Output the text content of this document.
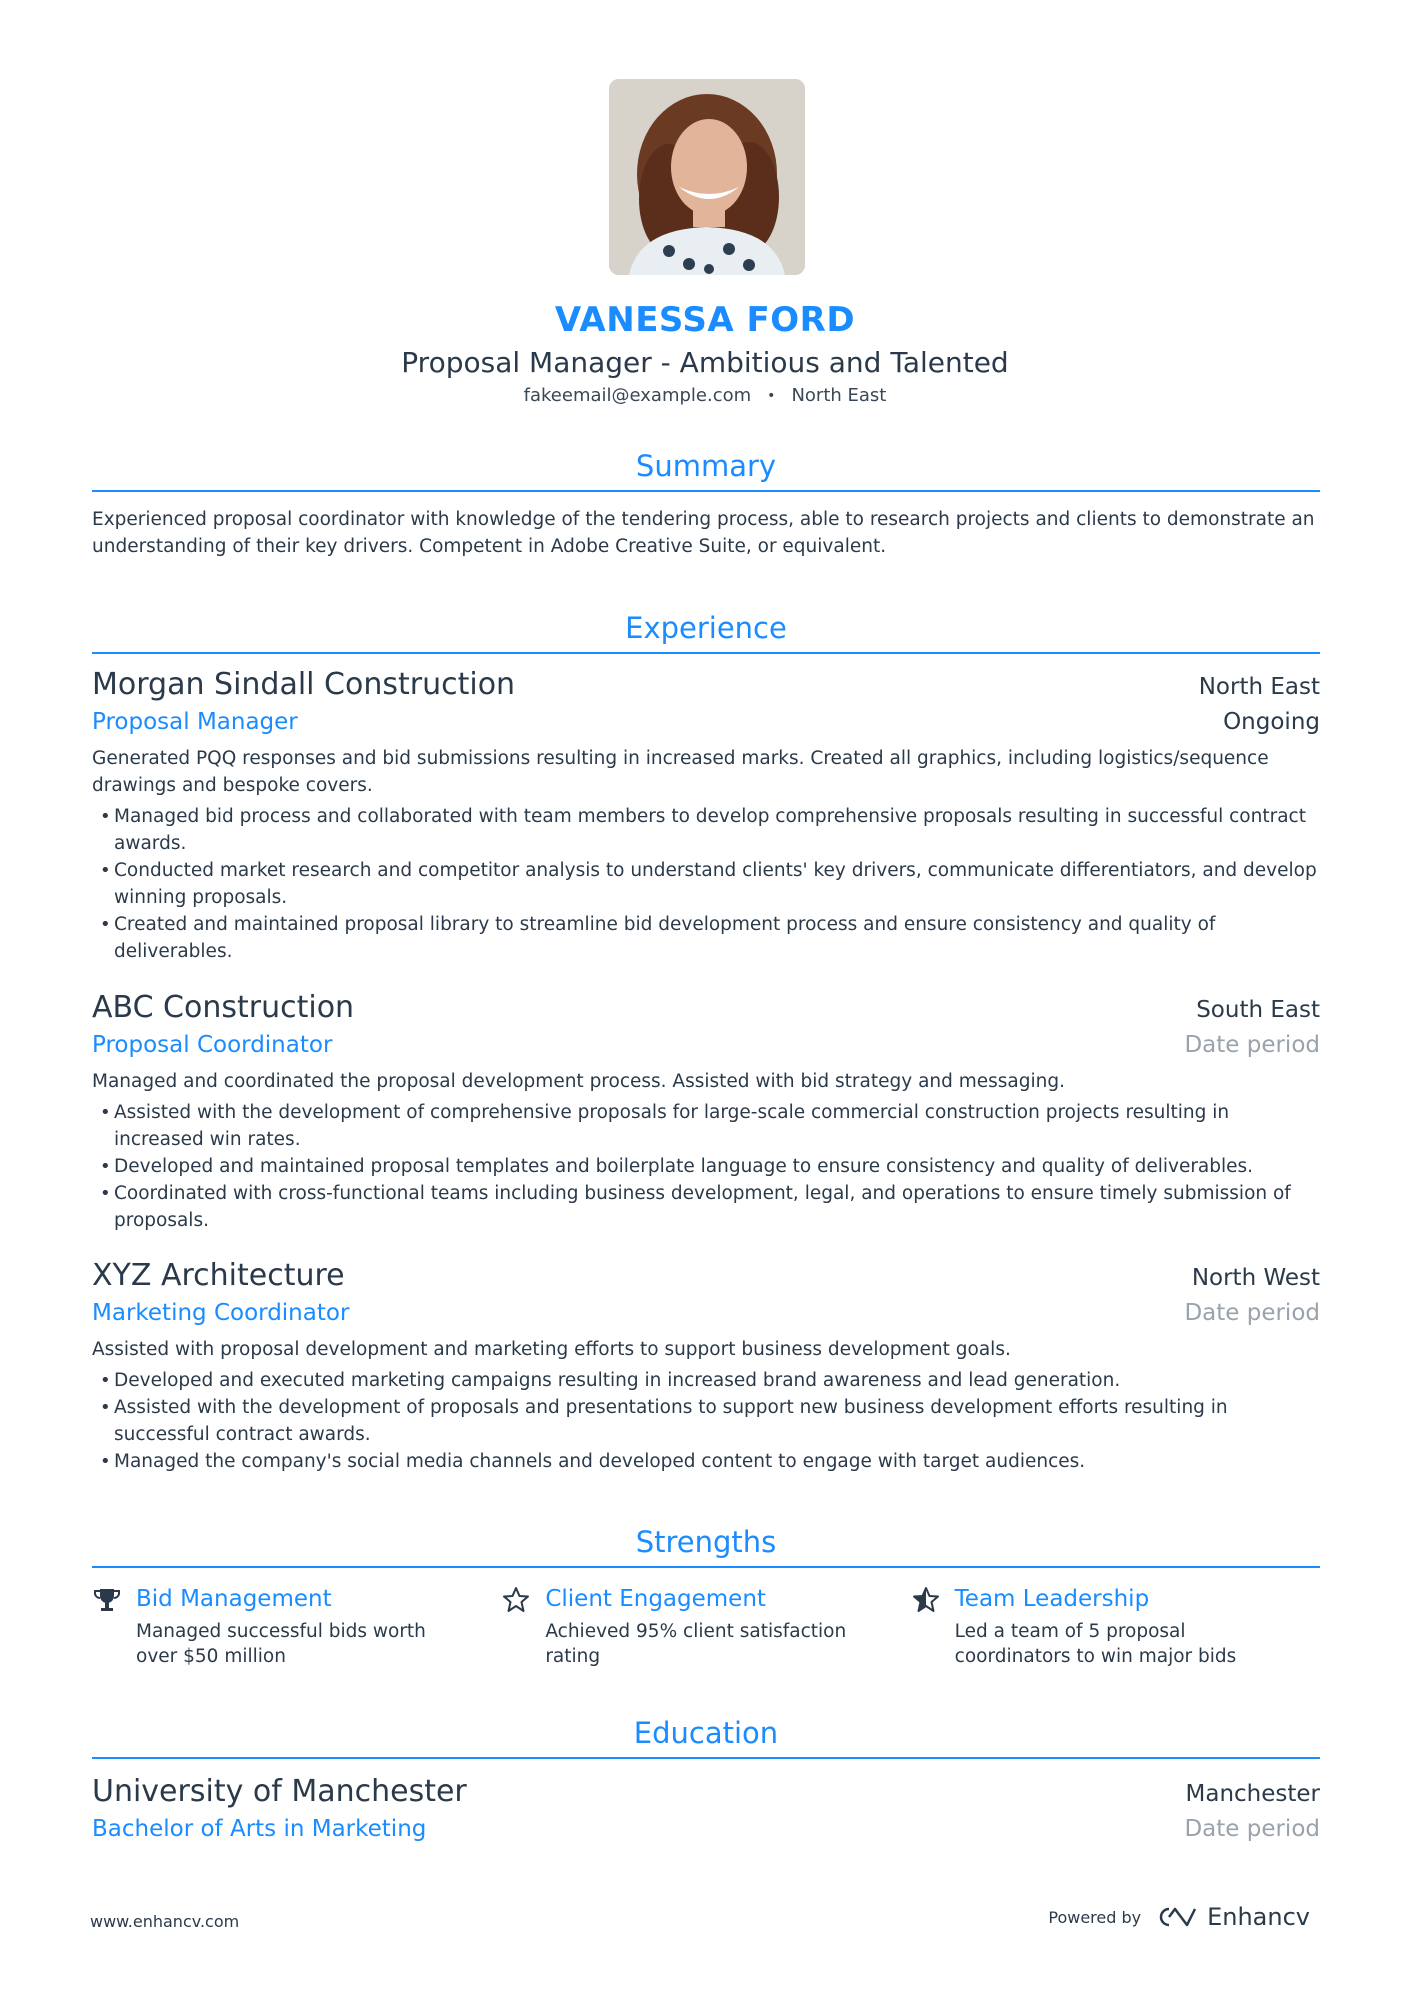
VANESSA FORD
Proposal Manager - Ambitious and Talented
fakeemail@example.com • North East
Summary
Experienced proposal coordinator with knowledge of the tendering process, able to research projects and clients to demonstrate an understanding of their key drivers. Competent in Adobe Creative Suite, or equivalent.
Experience
Morgan Sindall Construction	North East
Proposal Manager	Ongoing
Generated PQQ responses and bid submissions resulting in increased marks. Created all graphics, including logistics/sequence drawings and bespoke covers.
• Managed bid process and collaborated with team members to develop comprehensive proposals resulting in successful contract awards.
• Conducted market research and competitor analysis to understand clients' key drivers, communicate differentiators, and develop winning proposals.
• Created and maintained proposal library to streamline bid development process and ensure consistency and quality of deliverables.
ABC Construction	South East
Proposal Coordinator	Date period
Managed and coordinated the proposal development process. Assisted with bid strategy and messaging.
• Assisted with the development of comprehensive proposals for large-scale commercial construction projects resulting in increased win rates.
• Developed and maintained proposal templates and boilerplate language to ensure consistency and quality of deliverables.
• Coordinated with cross-functional teams including business development, legal, and operations to ensure timely submission of proposals.
XYZ Architecture	North West
Marketing Coordinator	Date period
Assisted with proposal development and marketing efforts to support business development goals.
• Developed and executed marketing campaigns resulting in increased brand awareness and lead generation.
• Assisted with the development of proposals and presentations to support new business development efforts resulting in successful contract awards.
• Managed the company's social media channels and developed content to engage with target audiences.
Strengths
Bid Management
Managed successful bids worth over $50 million
Client Engagement
Achieved 95% client satisfaction rating
Team Leadership
Led a team of 5 proposal coordinators to win major bids
Education
University of Manchester	Manchester
Bachelor of Arts in Marketing	Date period
www.enhancv.com	Powered by	Enhancv
